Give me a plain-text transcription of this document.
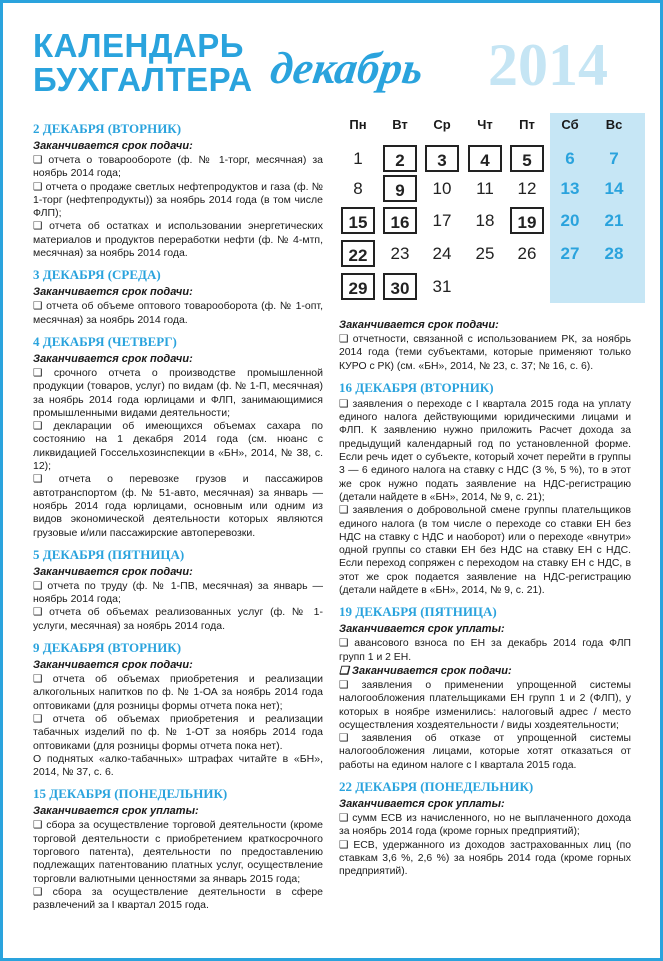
КАЛЕНДАРЬ
БУХГАЛТЕРА декабрь 2014
Пн	Вт	Ср	Чт	Пт	Сб	Вс
1	2	3	4	5	6	7
8	9	10	11	12	13	14
15	16	17	18	19	20	21
22	23	24	25	26	27	28
29	30	31
2 ДЕКАБРЯ (ВТОРНИК)
Заканчивается срок подачи:
❑ отчета о товарообороте (ф. № 1-торг, месячная) за ноябрь 2014 года;
❑ отчета о продаже светлых нефтепродуктов и газа (ф. № 1-торг (нефтепродукты)) за ноябрь 2014 года (в том числе ФЛП);
❑ отчета об остатках и использовании энергетических материалов и продуктов переработки нефти (ф. № 4-мтп, месячная) за ноябрь 2014 года.
3 ДЕКАБРЯ (СРЕДА)
Заканчивается срок подачи:
❑ отчета об объеме оптового товарооборота (ф. № 1-опт, месячная) за ноябрь 2014 года.
4 ДЕКАБРЯ (ЧЕТВЕРГ)
Заканчивается срок подачи:
❑ срочного отчета о производстве промышленной продукции (товаров, услуг) по видам (ф. № 1-П, месячная) за ноябрь 2014 года юрлицами и ФЛП, занимающимися промышленными видами деятельности;
❑ декларации об имеющихся объемах сахара по состоянию на 1 декабря 2014 года (см. нюанс с ликвидацией Госсельхозинспекции в «БН», 2014, № 38, с. 12);
❑ отчета о перевозке грузов и пассажиров автотранспортом (ф. № 51-авто, месячная) за январь — ноябрь 2014 года юрлицами, основным или одним из видов экономической деятельности которых являются грузовые и/или пассажирские автоперевозки.
5 ДЕКАБРЯ (ПЯТНИЦА)
Заканчивается срок подачи:
❑ отчета по труду (ф. № 1-ПВ, месячная) за январь — ноябрь 2014 года;
❑ отчета об объемах реализованных услуг (ф. № 1-услуги, месячная) за ноябрь 2014 года.
9 ДЕКАБРЯ (ВТОРНИК)
Заканчивается срок подачи:
❑ отчета об объемах приобретения и реализации алкогольных напитков по ф. № 1-ОА за ноябрь 2014 года оптовиками (для розницы формы отчета пока нет);
❑ отчета об объемах приобретения и реализации табачных изделий по ф. № 1-ОТ за ноябрь 2014 года оптовиками (для розницы формы отчета пока нет).
О поднятых «алко-табачных» штрафах читайте в «БН», 2014, № 37, с. 6.
15 ДЕКАБРЯ (ПОНЕДЕЛЬНИК)
Заканчивается срок уплаты:
❑ сбора за осуществление торговой деятельности (кроме торговой деятельности с приобретением краткосрочного торгового патента), деятельности по предоставлению подлежащих патентованию платных услуг, осуществление торговли валютными ценностями за январь 2015 года;
❑ сбора за осуществление деятельности в сфере развлечений за I квартал 2015 года.
Заканчивается срок подачи:
❑ отчетности, связанной с использованием РК, за ноябрь 2014 года (теми субъектами, которые применяют только КУРО с РК) (см. «БН», 2014, № 23, с. 37; № 16, с. 6).
16 ДЕКАБРЯ (ВТОРНИК)
❑ заявления о переходе с I квартала 2015 года на уплату единого налога действующими юридическими лицами и ФЛП. К заявлению нужно приложить Расчет дохода за предыдущий календарный год по установленной форме. Если речь идет о субъекте, который хочет перейти в группы 3 — 6 единого налога на ставку с НДС (3 %, 5 %), то в этот же срок нужно подать заявление на НДС-регистрацию (детали найдете в «БН», 2014, № 9, с. 21);
❑ заявления о добровольной смене группы плательщиков единого налога (в том числе о переходе со ставки ЕН без НДС на ставку с НДС и наоборот) или о переходе «внутри» одной группы со ставки ЕН без НДС на ставку ЕН с НДС. Если переход сопряжен с переходом на ставку ЕН с НДС, в этот же срок подается заявление на НДС-регистрацию (детали найдете в «БН», 2014, № 9, с. 21).
19 ДЕКАБРЯ (ПЯТНИЦА)
Заканчивается срок уплаты:
❑ авансового взноса по ЕН за декабрь 2014 года ФЛП групп 1 и 2 ЕН.
❑ Заканчивается срок подачи:
❑ заявления о применении упрощенной системы налогообложения плательщиками ЕН групп 1 и 2 (ФЛП), у которых в ноябре изменились: налоговый адрес / место осуществления хоздеятельности / виды хоздеятельности;
❑ заявления об отказе от упрощенной системы налогообложения лицами, которые хотят отказаться от работы на едином налоге с I квартала 2015 года.
22 ДЕКАБРЯ (ПОНЕДЕЛЬНИК)
Заканчивается срок уплаты:
❑ сумм ЕСВ из начисленного, но не выплаченного дохода за ноябрь 2014 года (кроме горных предприятий);
❑ ЕСВ, удержанного из доходов застрахованных лиц (по ставкам 3,6 %, 2,6 %) за ноябрь 2014 года (кроме горных предприятий).
